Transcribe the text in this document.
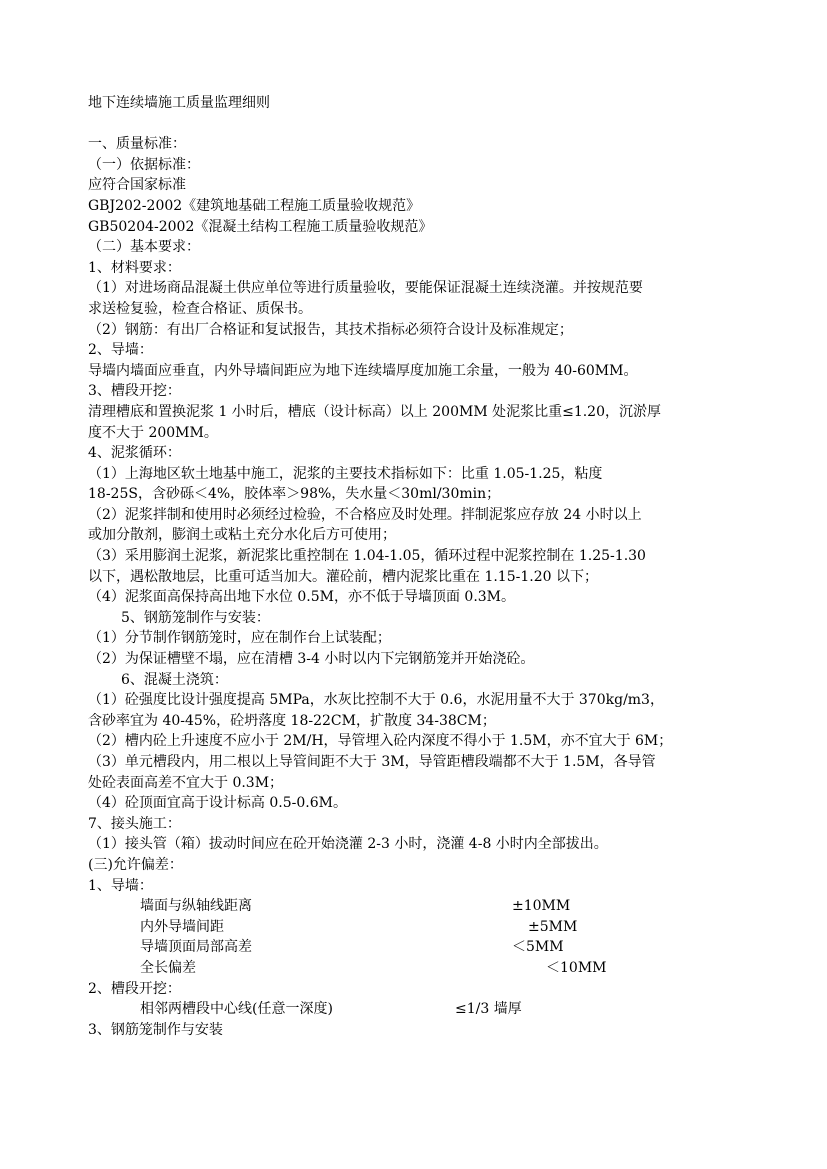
地下连续墙施工质量监理细则
一、质量标准：
（一）依据标准：
应符合国家标准
GBJ202-2002《建筑地基础工程施工质量验收规范》
GB50204-2002《混凝土结构工程施工质量验收规范》
（二）基本要求：
1、材料要求：
（1）对进场商品混凝土供应单位等进行质量验收，要能保证混凝土连续浇灌。并按规范要
求送检复验，检查合格证、质保书。
（2）钢筋：有出厂合格证和复试报告，其技术指标必须符合设计及标准规定；
2、导墙：
导墙内墙面应垂直，内外导墙间距应为地下连续墙厚度加施工余量，一般为 40-60MM。
3、槽段开挖：
清理槽底和置换泥浆 1 小时后，槽底（设计标高）以上 200MM 处泥浆比重≤1.20，沉淤厚
度不大于 200MM。
4、泥浆循环：
（1）上海地区软土地基中施工，泥浆的主要技术指标如下：比重 1.05-1.25，粘度
18-25S，含砂砾＜4%，胶体率＞98%，失水量＜30ml/30min；
（2）泥浆拌制和使用时必须经过检验，不合格应及时处理。拌制泥浆应存放 24 小时以上
或加分散剂，膨润土或粘土充分水化后方可使用；
（3）采用膨润土泥浆，新泥浆比重控制在 1.04-1.05，循环过程中泥浆控制在 1.25-1.30
以下，遇松散地层，比重可适当加大。灌砼前，槽内泥浆比重在 1.15-1.20 以下；
（4）泥浆面高保持高出地下水位 0.5M，亦不低于导墙顶面 0.3M。
5、钢筋笼制作与安装：
（1）分节制作钢筋笼时，应在制作台上试装配；
（2）为保证槽壁不塌，应在清槽 3-4 小时以内下完钢筋笼并开始浇砼。
6、混凝土浇筑：
（1）砼强度比设计强度提高 5MPa，水灰比控制不大于 0.6，水泥用量不大于 370kg/m3，
含砂率宜为 40-45%，砼坍落度 18-22CM，扩散度 34-38CM；
（2）槽内砼上升速度不应小于 2M/H，导管埋入砼内深度不得小于 1.5M，亦不宜大于 6M；
（3）单元槽段内，用二根以上导管间距不大于 3M，导管距槽段端都不大于 1.5M，各导管
处砼表面高差不宜大于 0.3M；
（4）砼顶面宜高于设计标高 0.5-0.6M。
7、接头施工：
（1）接头管（箱）拔动时间应在砼开始浇灌 2-3 小时，浇灌 4-8 小时内全部拔出。
(三)允许偏差：
1、导墙：
墙面与纵轴线距离	±10MM
内外导墙间距	±5MM
导墙顶面局部高差	＜5MM
全长偏差	＜10MM
2、槽段开挖：
相邻两槽段中心线(任意一深度)	≤1/3 墙厚
3、钢筋笼制作与安装
